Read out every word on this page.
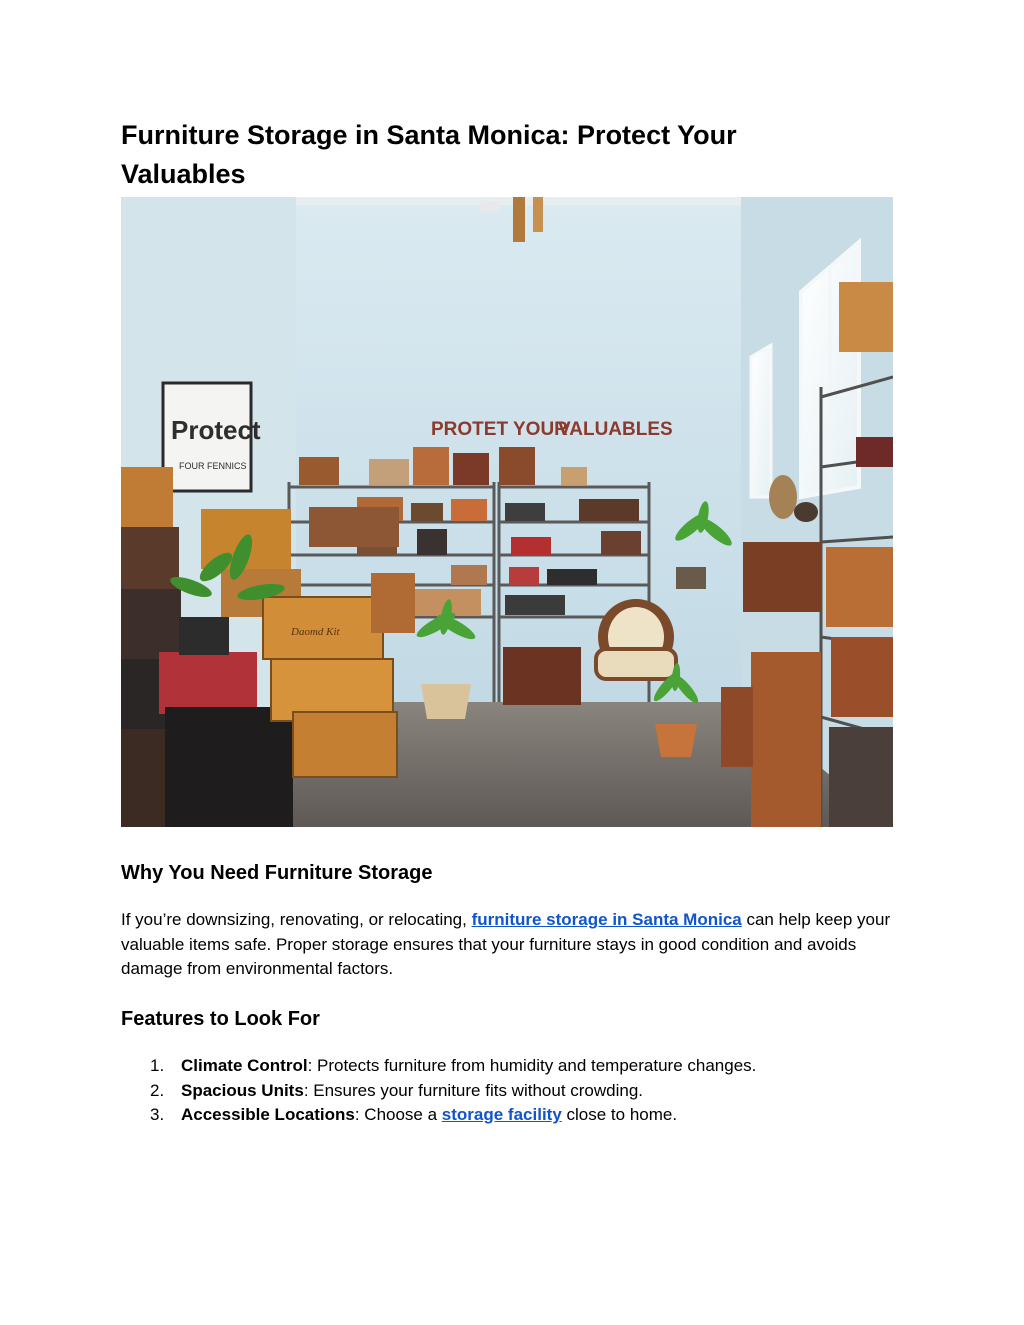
Furniture Storage in Santa Monica: Protect Your Valuables
PROTET YOUR
VALUABLES
Protect
FOUR FENNICS
Daomd Kit
Why You Need Furniture Storage

If you’re downsizing, renovating, or relocating, furniture storage in Santa Monica can help keep your valuable items safe. Proper storage ensures that your furniture stays in good condition and avoids damage from environmental factors.

Features to Look For
1. Climate Control: Protects furniture from humidity and temperature changes.
2. Spacious Units: Ensures your furniture fits without crowding.
3. Accessible Locations: Choose a storage facility close to home.
